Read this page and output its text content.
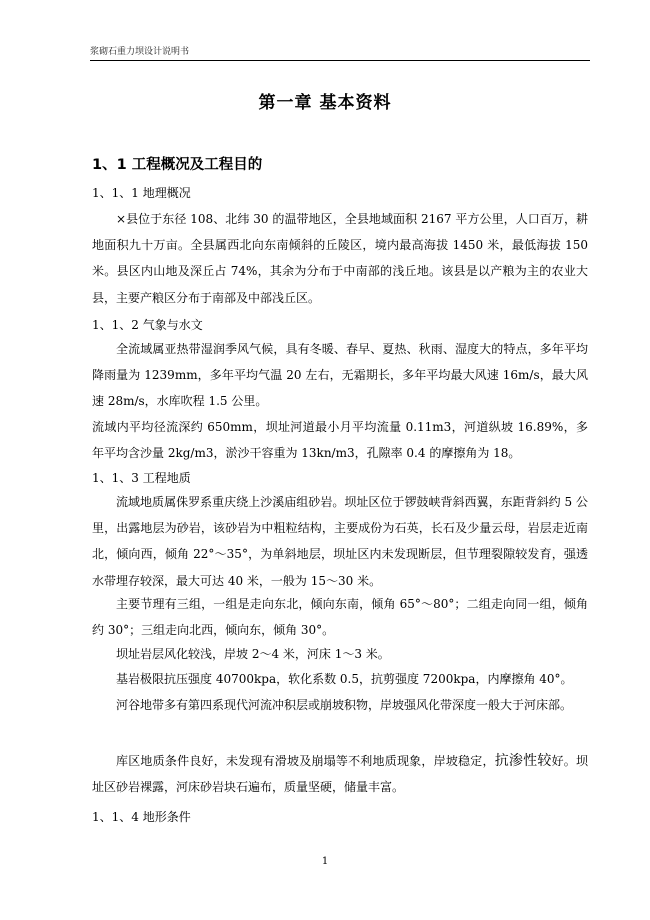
浆砌石重力坝设计说明书
第一章 基本资料
1、1 工程概况及工程目的
1、1、1 地理概况

×县位于东径 108、北纬 30 的温带地区，全县地域面积 2167 平方公里，人口百万，耕地面积九十万亩。全县属西北向东南倾斜的丘陵区，境内最高海拔 1450 米，最低海拔 150 米。县区内山地及深丘占 74%，其余为分布于中南部的浅丘地。该县是以产粮为主的农业大县，主要产粮区分布于南部及中部浅丘区。

1、1、2 气象与水文

全流域属亚热带湿润季风气候，具有冬暖、春早、夏热、秋雨、湿度大的特点，多年平均降雨量为 1239mm，多年平均气温 20 左右，无霜期长，多年平均最大风速 16m/s，最大风速 28m/s，水库吹程 1.5 公里。

流域内平均径流深约 650mm，坝址河道最小月平均流量 0.11m3，河道纵坡 16.89%，多年平均含沙量 2kg/m3，淤沙干容重为 13kn/m3，孔隙率 0.4 的摩擦角为 18。

1、1、3 工程地质

流域地质属侏罗系重庆绕上沙溪庙组砂岩。坝址区位于锣鼓峡背斜西翼，东距背斜约 5 公里，出露地层为砂岩，该砂岩为中粗粒结构，主要成份为石英，长石及少量云母，岩层走近南北，倾向西，倾角 22°～35°，为单斜地层，坝址区内未发现断层，但节理裂隙较发育，强透水带埋存较深，最大可达 40 米，一般为 15～30 米。

主要节理有三组，一组是走向东北，倾向东南，倾角 65°～80°；二组走向同一组，倾角约 30°；三组走向北西，倾向东，倾角 30°。

坝址岩层风化较浅，岸坡 2～4 米，河床 1～3 米。

基岩极限抗压强度 40700kpa，软化系数 0.5，抗剪强度 7200kpa，内摩擦角 40°。

河谷地带多有第四系现代河流冲积层或崩坡积物，岸坡强风化带深度一般大于河床部。

库区地质条件良好，未发现有滑坡及崩塌等不利地质现象，岸坡稳定，抗渗性较好。坝址区砂岩裸露，河床砂岩块石遍布，质量坚硬，储量丰富。

1、1、4 地形条件
1
